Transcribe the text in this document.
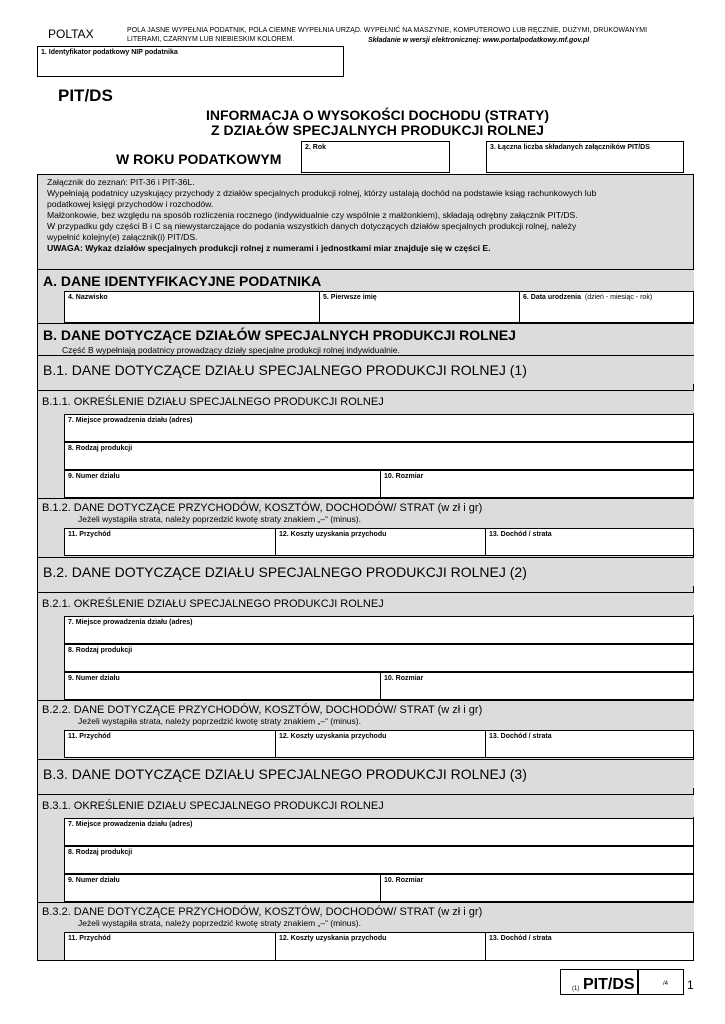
POLTAX	POLA JASNE WYPEŁNIA PODATNIK, POLA CIEMNE WYPEŁNIA URZĄD. WYPEŁNIĆ NA MASZYNIE, KOMPUTEROWO LUB RĘCZNIE, DUŻYMI, DRUKOWANYMI
LITERAMI, CZARNYM LUB NIEBIESKIM KOLOREM.	Składanie w wersji elektronicznej: www.portalpodatkowy.mf.gov.pl
1. Identyfikator podatkowy NIP podatnika
PIT/DS
INFORMACJA O WYSOKOŚCI DOCHODU (STRATY)
Z DZIAŁÓW SPECJALNYCH PRODUKCJI ROLNEJ
W ROKU PODATKOWYM
2. Rok	3. Łączna liczba składanych załączników PIT/DS
Załącznik do zeznań: PIT-36 i PIT-36L.
Wypełniają podatnicy uzyskujący przychody z działów specjalnych produkcji rolnej, którzy ustalają dochód na podstawie ksiąg rachunkowych lub
podatkowej księgi przychodów i rozchodów.
Małżonkowie, bez względu na sposób rozliczenia rocznego (indywidualnie czy wspólnie z małżonkiem), składają odrębny załącznik PIT/DS.
W przypadku gdy części B i C są niewystarczające do podania wszystkich danych dotyczących działów specjalnych produkcji rolnej, należy
wypełnić kolejny(e) załącznik(i) PIT/DS.
UWAGA: Wykaz działów specjalnych produkcji rolnej z numerami i jednostkami miar znajduje się w części E.
A. DANE IDENTYFIKACYJNE PODATNIKA
4. Nazwisko	5. Pierwsze imię	6. Data urodzenia (dzień - miesiąc - rok)
B. DANE DOTYCZĄCE DZIAŁÓW SPECJALNYCH PRODUKCJI ROLNEJ
Część B wypełniają podatnicy prowadzący działy specjalne produkcji rolnej indywidualnie.
B.1. DANE DOTYCZĄCE DZIAŁU SPECJALNEGO PRODUKCJI ROLNEJ (1)
B.1.1. OKREŚLENIE DZIAŁU SPECJALNEGO PRODUKCJI ROLNEJ
7. Miejsce prowadzenia działu (adres)
8. Rodzaj produkcji
9. Numer działu	10. Rozmiar
B.1.2. DANE DOTYCZĄCE PRZYCHODÓW, KOSZTÓW, DOCHODÓW/ STRAT (w zł i gr)
Jeżeli wystąpiła strata, należy poprzedzić kwotę straty znakiem „–“ (minus).
11. Przychód	12. Koszty uzyskania przychodu	13. Dochód / strata
B.2. DANE DOTYCZĄCE DZIAŁU SPECJALNEGO PRODUKCJI ROLNEJ (2)
B.2.1. OKREŚLENIE DZIAŁU SPECJALNEGO PRODUKCJI ROLNEJ
7. Miejsce prowadzenia działu (adres)
8. Rodzaj produkcji
9. Numer działu	10. Rozmiar
B.2.2. DANE DOTYCZĄCE PRZYCHODÓW, KOSZTÓW, DOCHODÓW/ STRAT (w zł i gr)
Jeżeli wystąpiła strata, należy poprzedzić kwotę straty znakiem „–“ (minus).
11. Przychód	12. Koszty uzyskania przychodu	13. Dochód / strata
B.3. DANE DOTYCZĄCE DZIAŁU SPECJALNEGO PRODUKCJI ROLNEJ (3)
B.3.1. OKREŚLENIE DZIAŁU SPECJALNEGO PRODUKCJI ROLNEJ
7. Miejsce prowadzenia działu (adres)
8. Rodzaj produkcji
9. Numer działu	10. Rozmiar
B.3.2. DANE DOTYCZĄCE PRZYCHODÓW, KOSZTÓW, DOCHODÓW/ STRAT (w zł i gr)
Jeżeli wystąpiła strata, należy poprzedzić kwotę straty znakiem „–“ (minus).
11. Przychód	12. Koszty uzyskania przychodu	13. Dochód / strata
PIT/DS
$_{(1)}$	1
/4
